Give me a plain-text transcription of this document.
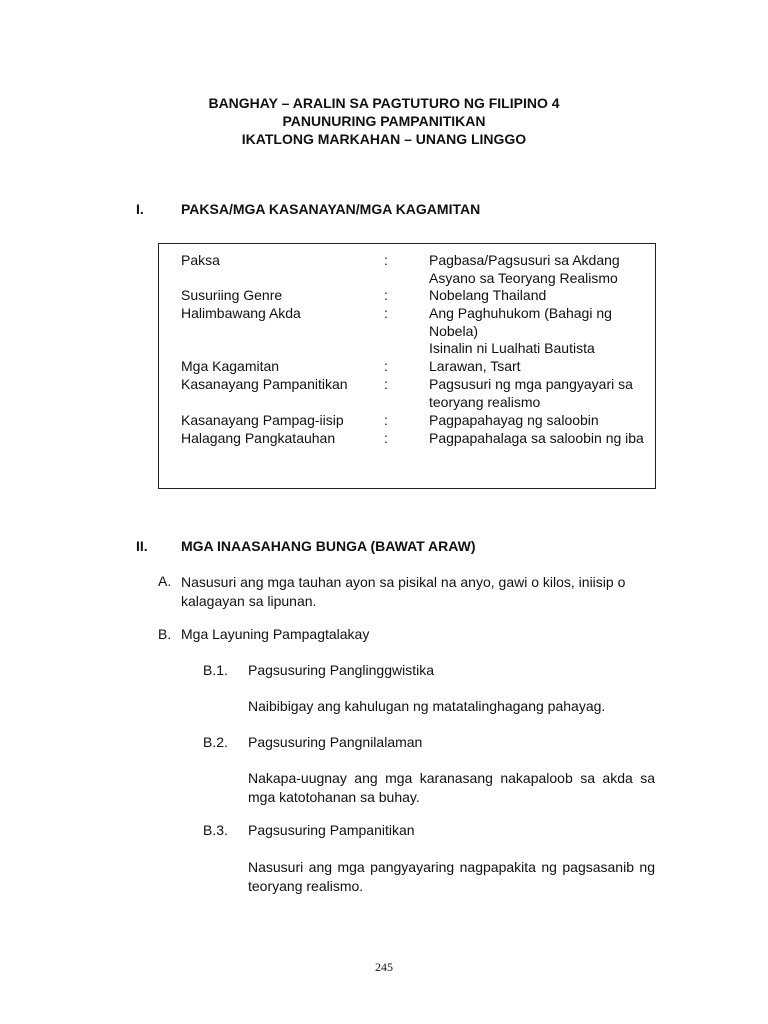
BANGHAY – ARALIN SA PAGTUTURO NG FILIPINO 4
PANUNURING PAMPANITIKAN
IKATLONG MARKAHAN – UNANG LINGGO
I.	PAKSA/MGA KASANAYAN/MGA KAGAMITAN
Paksa	:	Pagbasa/Pagsusuri sa Akdang Asyano sa Teoryang Realismo
Susuriing Genre	:	Nobelang Thailand
Halimbawang Akda	:	Ang Paghuhukom (Bahagi ng Nobela)
Isinalin ni Lualhati Bautista
Mga Kagamitan	:	Larawan, Tsart
Kasanayang Pampanitikan	:	Pagsusuri ng mga pangyayari sa teoryang realismo
Kasanayang Pampag-iisip	:	Pagpapahayag ng saloobin
Halagang Pangkatauhan	:	Pagpapahalaga sa saloobin ng iba
II. MGA INAASAHANG BUNGA (BAWAT ARAW)
A. Nasusuri ang mga tauhan ayon sa pisikal na anyo, gawi o kilos, iniisip o kalagayan sa lipunan.
B. Mga Layuning Pampagtalakay
B.1. Pagsusuring Panglinggwistika
Naibibigay ang kahulugan ng matatalinghagang pahayag.
B.2. Pagsusuring Pangnilalaman
Nakapa-uugnay ang mga karanasang nakapaloob sa akda sa mga katotohanan sa buhay.
B.3. Pagsusuring Pampanitikan
Nasusuri ang mga pangyayaring nagpapakita ng pagsasanib ng teoryang realismo.
245
